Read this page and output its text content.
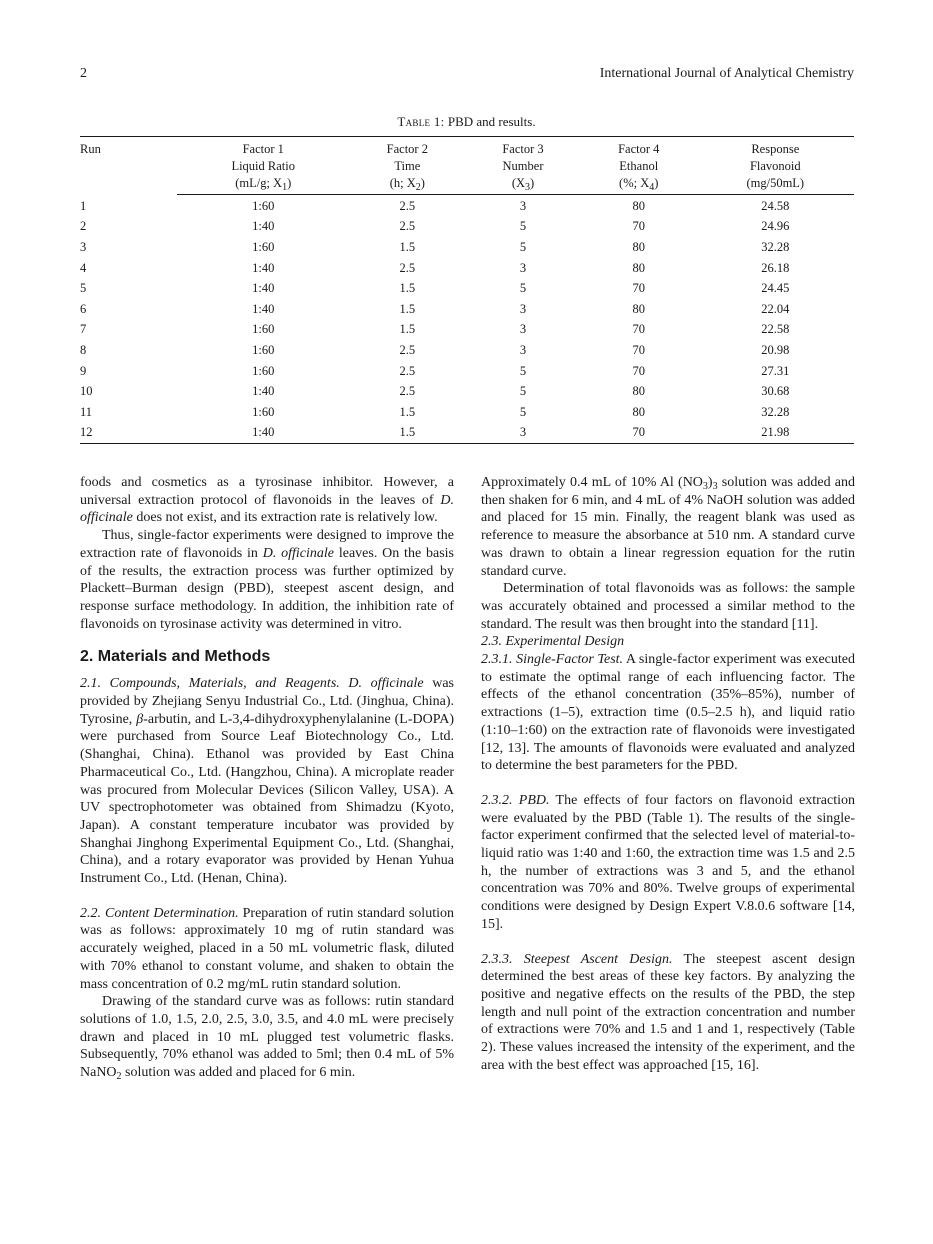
2	International Journal of Analytical Chemistry
Table 1: PBD and results.
Run	Factor 1	Factor 2	Factor 3	Factor 4	Response
	Liquid Ratio	Time	Number	Ethanol	Flavonoid
	(mL/g; $X_1$)	(h; $X_2$)	$(X_3)$	(%; $X_4$)	(mg/50mL)
1	1:60	2.5	3	80	24.58
2	1:40	2.5	5	70	24.96
3	1:60	1.5	5	80	32.28
4	1:40	2.5	3	80	26.18
5	1:40	1.5	5	70	24.45
6	1:40	1.5	3	80	22.04
7	1:60	1.5	3	70	22.58
8	1:60	2.5	3	70	20.98
9	1:60	2.5	5	70	27.31
10	1:40	2.5	5	80	30.68
11	1:60	1.5	5	80	32.28
12	1:40	1.5	3	70	21.98

foods and cosmetics as a tyrosinase inhibitor. However, a universal extraction protocol of flavonoids in the leaves of D. officinale does not exist, and its extraction rate is relatively low.

Thus, single-factor experiments were designed to improve the extraction rate of flavonoids in D. officinale leaves. On the basis of the results, the extraction process was further optimized by Plackett–Burman design (PBD), steepest ascent design, and response surface methodology. In addition, the inhibition rate of flavonoids on tyrosinase activity was determined in vitro.

2. Materials and Methods

2.1. Compounds, Materials, and Reagents. D. officinale was provided by Zhejiang Senyu Industrial Co., Ltd. (Jinghua, China). Tyrosine, β-arbutin, and L-3,4-dihydroxyphenylalanine (L-DOPA) were purchased from Source Leaf Biotechnology Co., Ltd. (Shanghai, China). Ethanol was provided by East China Pharmaceutical Co., Ltd. (Hangzhou, China). A microplate reader was procured from Molecular Devices (Silicon Valley, USA). A UV spectrophotometer was obtained from Shimadzu (Kyoto, Japan). A constant temperature incubator was provided by Shanghai Jinghong Experimental Equipment Co., Ltd. (Shanghai, China), and a rotary evaporator was provided by Henan Yuhua Instrument Co., Ltd. (Henan, China).

2.2. Content Determination. Preparation of rutin standard solution was as follows: approximately 10 mg of rutin standard was accurately weighed, placed in a 50 mL volumetric flask, diluted with 70% ethanol to constant volume, and shaken to obtain the mass concentration of 0.2 mg/mL rutin standard solution.

Drawing of the standard curve was as follows: rutin standard solutions of 1.0, 1.5, 2.0, 2.5, 3.0, 3.5, and 4.0 mL were precisely drawn and placed in 10 mL plugged test volumetric flasks. Subsequently, 70% ethanol was added to 5ml; then 0.4 mL of 5% NaNO$_2$ solution was added and placed for 6 min.

Approximately 0.4 mL of 10% Al $(NO_3)_3$ solution was added and then shaken for 6 min, and 4 mL of 4% NaOH solution was added and placed for 15 min. Finally, the reagent blank was used as reference to measure the absorbance at 510 nm. A standard curve was drawn to obtain a linear regression equation for the rutin standard curve.

Determination of total flavonoids was as follows: the sample was accurately obtained and processed a similar method to the standard. The result was then brought into the standard [11].

2.3. Experimental Design

2.3.1. Single-Factor Test. A single-factor experiment was executed to estimate the optimal range of each influencing factor. The effects of the ethanol concentration (35%–85%), number of extractions (1–5), extraction time (0.5–2.5 h), and liquid ratio (1:10–1:60) on the extraction rate of flavonoids were investigated [12, 13]. The amounts of flavonoids were evaluated and analyzed to determine the best parameters for the PBD.

2.3.2. PBD. The effects of four factors on flavonoid extraction were evaluated by the PBD (Table 1). The results of the single-factor experiment confirmed that the selected level of material-to-liquid ratio was 1:40 and 1:60, the extraction time was 1.5 and 2.5 h, the number of extractions was 3 and 5, and the ethanol concentration was 70% and 80%. Twelve groups of experimental conditions were designed by Design Expert V.8.0.6 software [14, 15].

2.3.3. Steepest Ascent Design. The steepest ascent design determined the best areas of these key factors. By analyzing the positive and negative effects on the results of the PBD, the step length and null point of the extraction concentration and number of extractions were 70% and 1.5 and 1 and 1, respectively (Table 2). These values increased the intensity of the experiment, and the area with the best effect was approached [15, 16].
